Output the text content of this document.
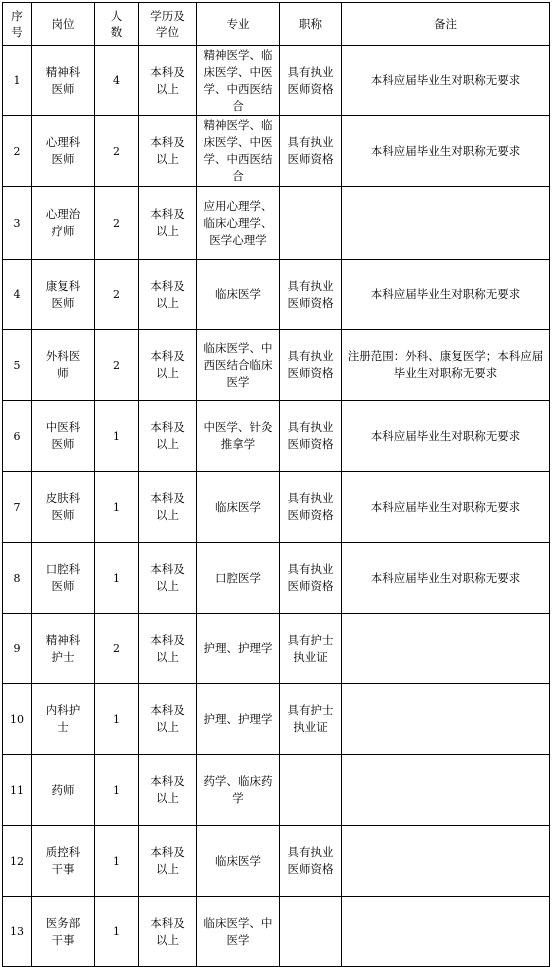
序号	岗位	人数	学历及学位	专业	职称	备注
1	精神科医师	4	本科及以上	精神医学、临床医学、中医学、中西医结合	具有执业医师资格	本科应届毕业生对职称无要求
2	心理科医师	2	本科及以上	精神医学、临床医学、中医学、中西医结合	具有执业医师资格	本科应届毕业生对职称无要求
3	心理治疗师	2	本科及以上	应用心理学、临床心理学、医学心理学		
4	康复科医师	2	本科及以上	临床医学	具有执业医师资格	本科应届毕业生对职称无要求
5	外科医师	2	本科及以上	临床医学、中西医结合临床医学	具有执业医师资格	注册范围：外科、康复医学；本科应届毕业生对职称无要求
6	中医科医师	1	本科及以上	中医学、针灸推拿学	具有执业医师资格	本科应届毕业生对职称无要求
7	皮肤科医师	1	本科及以上	临床医学	具有执业医师资格	本科应届毕业生对职称无要求
8	口腔科医师	1	本科及以上	口腔医学	具有执业医师资格	本科应届毕业生对职称无要求
9	精神科护士	2	本科及以上	护理、护理学	具有护士执业证	
10	内科护士	1	本科及以上	护理、护理学	具有护士执业证	
11	药师	1	本科及以上	药学、临床药学		
12	质控科干事	1	本科及以上	临床医学	具有执业医师资格	
13	医务部干事	1	本科及以上	临床医学、中医学		
